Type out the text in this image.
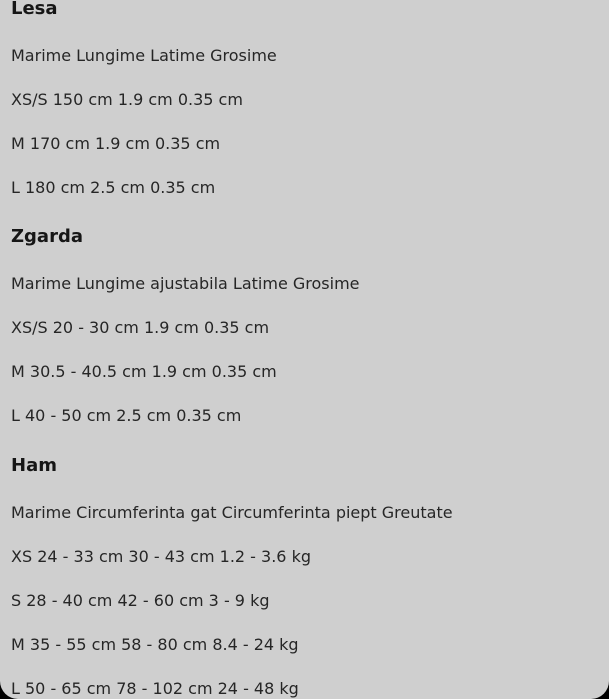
Lesa
Marime Lungime Latime Grosime
XS/S 150 cm 1.9 cm 0.35 cm
M 170 cm 1.9 cm 0.35 cm
L 180 cm 2.5 cm 0.35 cm
Zgarda
Marime Lungime ajustabila Latime Grosime
XS/S 20 - 30 cm 1.9 cm 0.35 cm
M 30.5 - 40.5 cm 1.9 cm 0.35 cm
L 40 - 50 cm 2.5 cm 0.35 cm
Ham
Marime Circumferinta gat Circumferinta piept Greutate
XS 24 - 33 cm 30 - 43 cm 1.2 - 3.6 kg
S 28 - 40 cm 42 - 60 cm 3 - 9 kg
M 35 - 55 cm 58 - 80 cm 8.4 - 24 kg
L 50 - 65 cm 78 - 102 cm 24 - 48 kg
